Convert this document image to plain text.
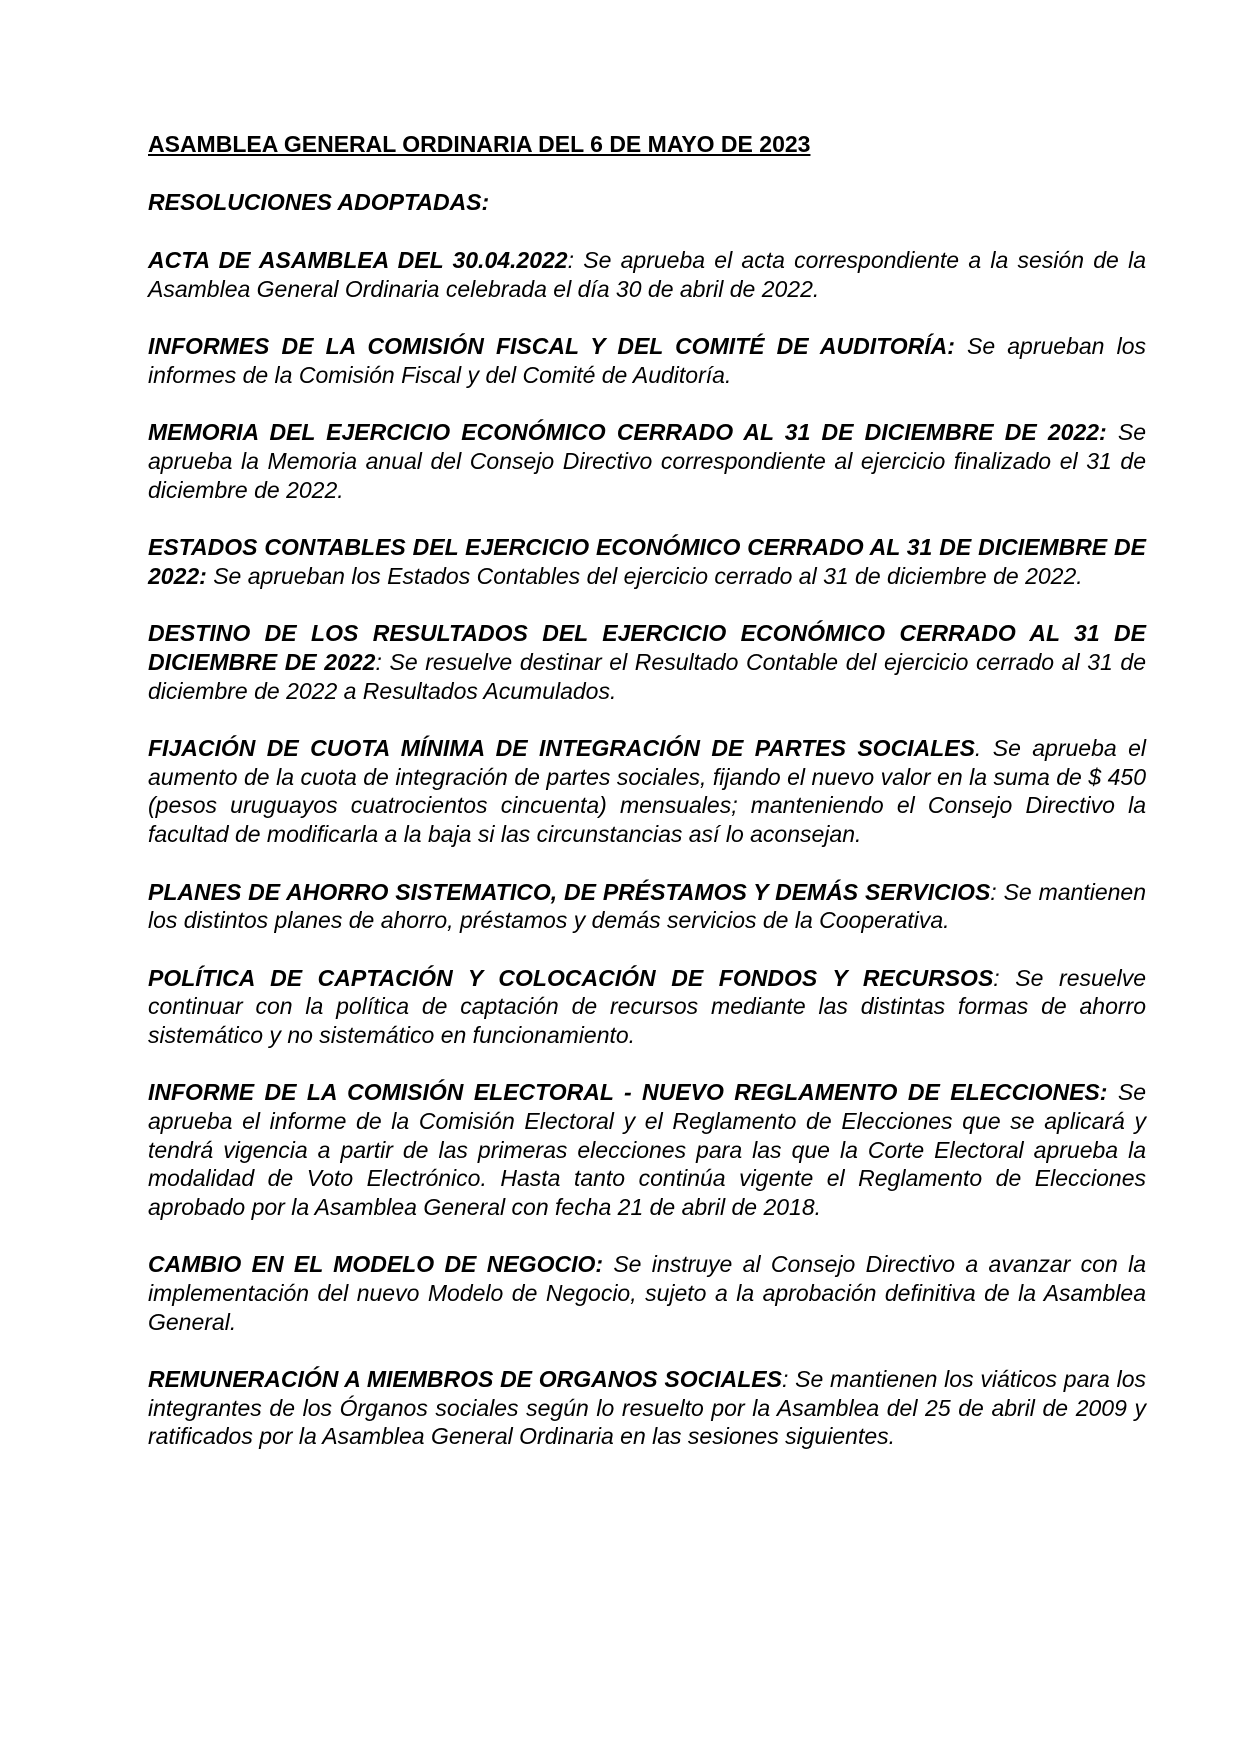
ASAMBLEA GENERAL ORDINARIA DEL 6 DE MAYO DE 2023
RESOLUCIONES ADOPTADAS:
ACTA DE ASAMBLEA DEL 30.04.2022: Se aprueba el acta correspondiente a la sesión de la Asamblea General Ordinaria celebrada el día 30 de abril de 2022.
INFORMES DE LA COMISIÓN FISCAL Y DEL COMITÉ DE AUDITORÍA: Se aprueban los informes de la Comisión Fiscal y del Comité de Auditoría.
MEMORIA DEL EJERCICIO ECONÓMICO CERRADO AL 31 DE DICIEMBRE DE 2022: Se aprueba la Memoria anual del Consejo Directivo correspondiente al ejercicio finalizado el 31 de diciembre de 2022.
ESTADOS CONTABLES DEL EJERCICIO ECONÓMICO CERRADO AL 31 DE DICIEMBRE DE 2022: Se aprueban los Estados Contables del ejercicio cerrado al 31 de diciembre de 2022.
DESTINO DE LOS RESULTADOS DEL EJERCICIO ECONÓMICO CERRADO AL 31 DE DICIEMBRE DE 2022: Se resuelve destinar el Resultado Contable del ejercicio cerrado al 31 de diciembre de 2022 a Resultados Acumulados.
FIJACIÓN DE CUOTA MÍNIMA DE INTEGRACIÓN DE PARTES SOCIALES. Se aprueba el aumento de la cuota de integración de partes sociales, fijando el nuevo valor en la suma de $ 450 (pesos uruguayos cuatrocientos cincuenta) mensuales; manteniendo el Consejo Directivo la facultad de modificarla a la baja si las circunstancias así lo aconsejan.
PLANES DE AHORRO SISTEMATICO, DE PRÉSTAMOS Y DEMÁS SERVICIOS: Se mantienen los distintos planes de ahorro, préstamos y demás servicios de la Cooperativa.
POLÍTICA DE CAPTACIÓN Y COLOCACIÓN DE FONDOS Y RECURSOS: Se resuelve continuar con la política de captación de recursos mediante las distintas formas de ahorro sistemático y no sistemático en funcionamiento.
INFORME DE LA COMISIÓN ELECTORAL - NUEVO REGLAMENTO DE ELECCIONES: Se aprueba el informe de la Comisión Electoral y el Reglamento de Elecciones que se aplicará y tendrá vigencia a partir de las primeras elecciones para las que la Corte Electoral aprueba la modalidad de Voto Electrónico. Hasta tanto continúa vigente el Reglamento de Elecciones aprobado por la Asamblea General con fecha 21 de abril de 2018.
CAMBIO EN EL MODELO DE NEGOCIO: Se instruye al Consejo Directivo a avanzar con la implementación del nuevo Modelo de Negocio, sujeto a la aprobación definitiva de la Asamblea General.
REMUNERACIÓN A MIEMBROS DE ORGANOS SOCIALES: Se mantienen los viáticos para los integrantes de los Órganos sociales según lo resuelto por la Asamblea del 25 de abril de 2009 y ratificados por la Asamblea General Ordinaria en las sesiones siguientes.
